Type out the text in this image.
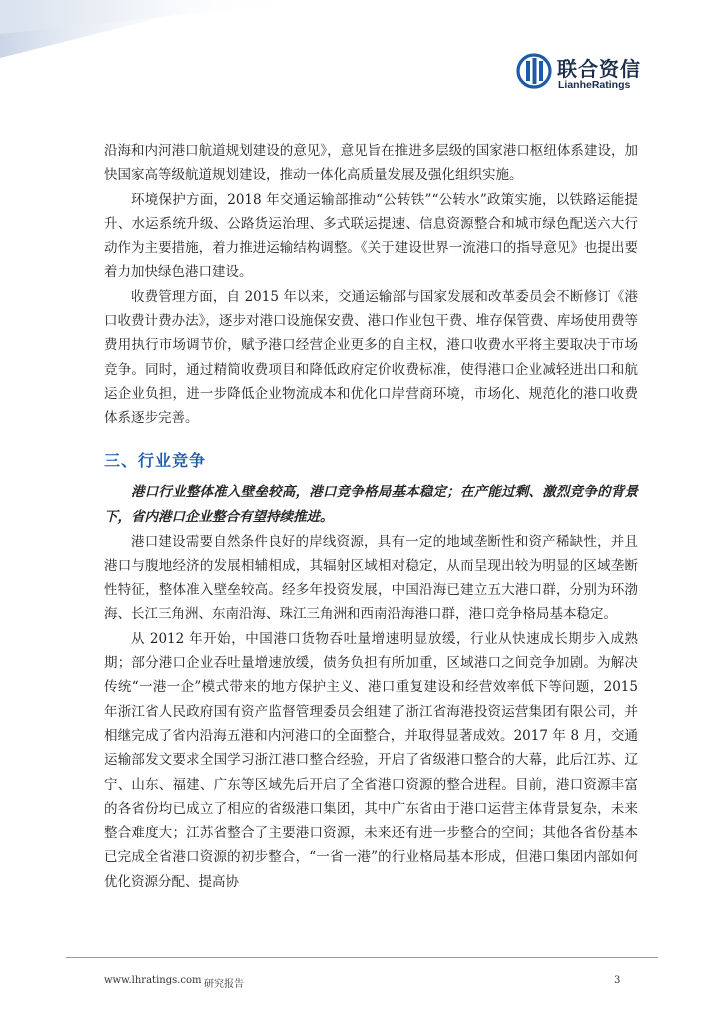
联合资信
LianheRatings

沿海和内河港口航道规划建设的意见》，意见旨在推进多层级的国家港口枢纽体系建设，加快国家高等级航道规划建设，推动一体化高质量发展及强化组织实施。

环境保护方面，2018 年交通运输部推动“公转铁”“公转水”政策实施，以铁路运能提升、水运系统升级、公路货运治理、多式联运提速、信息资源整合和城市绿色配送六大行动作为主要措施，着力推进运输结构调整。《关于建设世界一流港口的指导意见》也提出要着力加快绿色港口建设。

收费管理方面，自 2015 年以来，交通运输部与国家发展和改革委员会不断修订《港口收费计费办法》，逐步对港口设施保安费、港口作业包干费、堆存保管费、库场使用费等费用执行市场调节价，赋予港口经营企业更多的自主权，港口收费水平将主要取决于市场竞争。同时，通过精简收费项目和降低政府定价收费标准，使得港口企业减轻进出口和航运企业负担，进一步降低企业物流成本和优化口岸营商环境，市场化、规范化的港口收费体系逐步完善。

三、行业竞争

港口行业整体准入壁垒较高，港口竞争格局基本稳定；在产能过剩、激烈竞争的背景下，省内港口企业整合有望持续推进。

港口建设需要自然条件良好的岸线资源，具有一定的地域垄断性和资产稀缺性，并且港口与腹地经济的发展相辅相成，其辐射区域相对稳定，从而呈现出较为明显的区域垄断性特征，整体准入壁垒较高。经多年投资发展，中国沿海已建立五大港口群，分别为环渤海、长江三角洲、东南沿海、珠江三角洲和西南沿海港口群，港口竞争格局基本稳定。

从 2012 年开始，中国港口货物吞吐量增速明显放缓，行业从快速成长期步入成熟期；部分港口企业吞吐量增速放缓，债务负担有所加重，区域港口之间竞争加剧。为解决传统“一港一企”模式带来的地方保护主义、港口重复建设和经营效率低下等问题，2015 年浙江省人民政府国有资产监督管理委员会组建了浙江省海港投资运营集团有限公司，并相继完成了省内沿海五港和内河港口的全面整合，并取得显著成效。2017 年 8 月，交通运输部发文要求全国学习浙江港口整合经验，开启了省级港口整合的大幕，此后江苏、辽宁、山东、福建、广东等区域先后开启了全省港口资源的整合进程。目前，港口资源丰富的各省份均已成立了相应的省级港口集团，其中广东省由于港口运营主体背景复杂，未来整合难度大；江苏省整合了主要港口资源，未来还有进一步整合的空间；其他各省份基本已完成全省港口资源的初步整合，“一省一港”的行业格局基本形成，但港口集团内部如何优化资源分配、提高协

www.lhratings.com 研究报告	3
